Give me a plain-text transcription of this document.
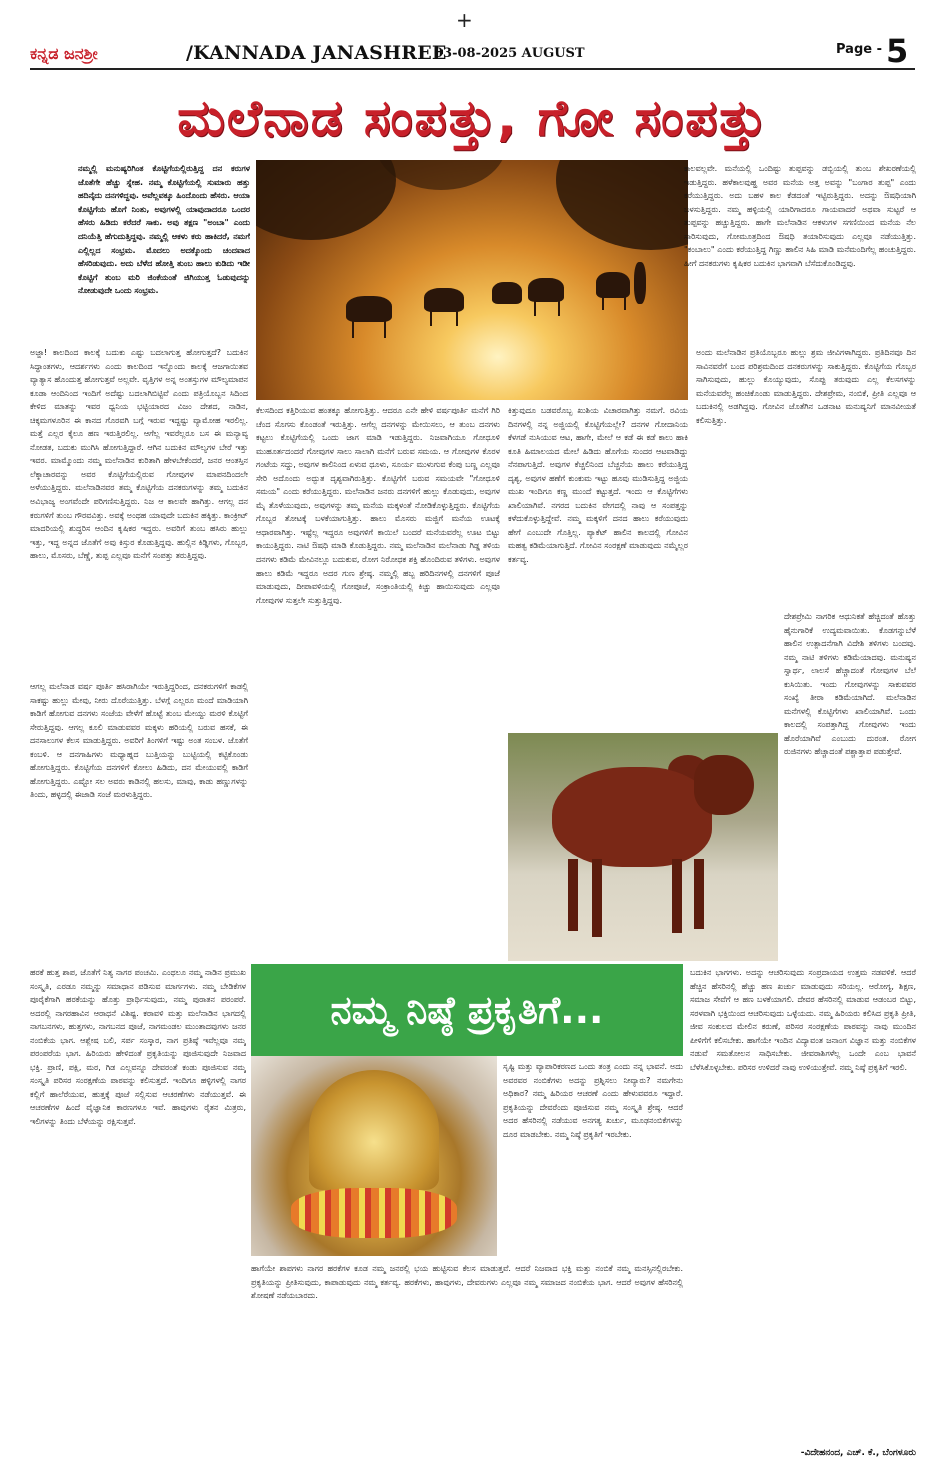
+
ಕನ್ನಡ ಜನಶ್ರೀ	/KANNADA JANASHREE
03-08-2025 AUGUST	Page - 5
ಮಲೆನಾಡ ಸಂಪತ್ತು, ಗೋ ಸಂಪತ್ತು
ನಮ್ಮಲ್ಲಿ ಮನುಷ್ಯರಿಗಿಂತ ಕೊಟ್ಟಿಗೆಯಲ್ಲಿರುತ್ತಿದ್ದ ದನ ಕರುಗಳ ಜೊತೆಗೇ ಹೆಚ್ಚು ಸ್ನೇಹ. ನಮ್ಮ ಕೊಟ್ಟಿಗೆಯಲ್ಲಿ ಸುಮಾರು ಹತ್ತು ಹದಿನೈದು ದನಗಳಿದ್ದವು. ಅವೆಲ್ಲವಕ್ಕೂ ಹಿಂದೊಂದು ಹೆಸರು. ಆಯಾ ಕೊಟ್ಟಿಗೆಯ ಹೊಗೆ ನಿಂತು, ಅವುಗಳಲ್ಲಿ ಯಾವುದಾದರೂ ಒಂದರ ಹೆಸರು ಹಿಡಿದು ಕರೆದರೆ ಸಾಕು. ಅವು ತಕ್ಷಣ "ಅಂಬಾ" ಎಂದು ದನಿಯೆತ್ತಿ ಹೆಗುದುತ್ತಿದ್ದವು. ನಮ್ಮಲ್ಲಿ ಆಕಳು ಕರು ಹಾಕಿದರೆ, ನಮಗೆ ಎಲ್ಲಿಲ್ಲದ ಸಂಭ್ರಮ. ಮೊದಲು ಅದಕ್ಕೊಂದು ಚಂದವಾದ ಹೆಸರಿಡುವುದು. ಅದು ಬೆಳೆದ ಹೋತ್ತಿ ತುಂಬ ಹಾಲು ಕುಡಿದು ಇಡೀ ಕೊಟ್ಟಿಗೆ ತುಂಬ ಮರಿ ಜಿಂಕೆಯಂತೆ ಜಿಗಿಯುತ್ತ ಓಡುವುದನ್ನು ನೋಡುವುದೇ ಒಂದು ಸಂಭ್ರಮ.

ಕಾಲವಲ್ಲವೇ. ಮನೆಯಲ್ಲಿ ಒಂದಿಷ್ಟು ತುಪ್ಪವನ್ನು ಡಬ್ಬಿಯಲ್ಲಿ ತುಂಬ ಶೇಖರಣೆಯಲ್ಲಿ ಇಡುತ್ತಿದ್ದರು. ಹಳೆಕಾಲವುಹ್ಹ ಅವರ ಮನೆಯ ಅತ್ತ ಅವನ್ನು "ಬಂಗಾರ ತುಪ್ಪ" ಎಂದು ಕರೆಯುತ್ತಿದ್ದರು. ಅದು ಬಹಳ ಕಾಲ ಕೆಡದಂತೆ ಇಟ್ಟಿರುತ್ತಿದ್ದರು. ಅದನ್ನು ಔಷಧಿಯಾಗಿ ಬಳಸುತ್ತಿದ್ದರು. ನಮ್ಮ ಹಳ್ಳಿಯಲ್ಲಿ ಯಾರಿಗಾದರೂ ಗಾಯವಾದರೆ ಅಥವಾ ಸುಟ್ಟರೆ ಆ ತುಪ್ಪವನ್ನು ಹಚ್ಚುತ್ತಿದ್ದರು. ಹಾಗೇ ಮಲೆನಾಡಿನ ಆಕಳುಗಳ ಸಗಣಿಯಿಂದ ಮನೆಯ ನೆಲ ಸಾರಿಸುವುದು, ಗೋಮೂತ್ರದಿಂದ ಔಷಧಿ ತಯಾರಿಸುವುದು ಎಲ್ಲವೂ ನಡೆಯುತ್ತಿತ್ತು. "ಕಂಬಾಲು" ಎಂದು ಕರೆಯುತ್ತಿದ್ದ ಗಿಣ್ಣು ಹಾಲಿನ ಸಿಹಿ ಮಾಡಿ ಮನೆಮಂದಿಗೆಲ್ಲ ಹಂಚುತ್ತಿದ್ದರು. ಹೀಗೆ ದನಕರುಗಳು ಕೃಷಿಕರ ಬದುಕಿನ ಭಾಗವಾಗಿ ಬೆಸೆದುಕೊಂಡಿದ್ದವು.

ಅಜ್ಜಾ! ಕಾಲದಿಂದ ಕಾಲಕ್ಕೆ ಬದುಕು ಎಷ್ಟು ಬದಲಾಗುತ್ತ ಹೋಗುತ್ತದೆ? ಬದುಕಿನ ಸಿದ್ಧಾಂತಗಳು, ಆದರ್ಶಗಳು ಎಂದು ಕಾಲದಿಂದ ಇನ್ನೊಂದು ಕಾಲಕ್ಕೆ ಆಜಗಾಯಿತವ ವ್ಯಾತ್ಯಾಸ ಹೊಂದುತ್ತ ಹೋಗುತ್ತವೆ ಅಲ್ಲವೇ. ವೃತ್ತಿಗಳ ಅನ್ನ ಅಂತಸ್ತುಗಳ ಮೌಲ್ಯಮಾಪನ ಕೂಡಾ ಆಂದಿನಿಂದ ಇಂದಿಗೆ ಅದೆಷ್ಟು ಬದಲಾಗಿಬಿಟ್ಟಿವೆ ಎಂದು ಪತ್ರಿಯೊಬ್ಬನ ಸಿದಿಂದ ಕೇಳಿದ ಮಾತನ್ನು ಇವರ ಧ್ವನಿಯ ಭಟ್ಟಿಯಾರದ ವಿಜಂ ದೇಶದ, ನಾಡಿನ, ಚಿಕ್ಕಮಗಳೂರಿನ ಈ ಕಾನದ ಗೊರವಗಿ ಬಗ್ಗೆ ಇರುವ ಇದ್ದಷ್ಟು ವ್ಯಾಮೋಹ ಇರಲಿಲ್ಲ. ಮತ್ತೆ ಎಲ್ಲರ ಕೈಲೂ ಹಣ ಇರುತ್ತಿರಲಿಲ್ಲ. ಆಗೆಲ್ಲ ಇವರೆಲ್ಲರೂ ಬಸ ಈ ಮನ್ಯಾವ್ಯ ನೋಡತ, ಬದುಕು ಮುಗಿಸಿ ಹೋಗುತ್ತಿದ್ದಾರೆ. ಆಗಿನ ಬದುಕಿನ ಮೌಲ್ಯಗಳ ಬೇರೆ ಇತ್ತು ಇವರ. ಮಾಮ್ಮೊಂದು ನಮ್ಮ ಮಲೆನಾಡಿನ ಕುರಿತಾಗಿ ಹೇಳಬೇಕೆಂದರೆ, ಜನರ ಆಂತಸ್ತಿನ ಲೆಕ್ಕಾಚಾರವನ್ನು ಅವರ ಕೊಟ್ಟಿಗೆಯಲ್ಲಿರುವ ಗೋವುಗಳ ಮಾಪನದಿಂದಲೇ ಅಳೆಯುತ್ತಿದ್ದರು. ಮಲೆನಾಡಿನವರ ತಮ್ಮ ಕೊಟ್ಟಿಗೆಯ ದನಕರುಗಳನ್ನು ತಮ್ಮ ಬದುಕಿನ ಅವಿಭಾಜ್ಯ ಅಂಗವೆಂದೇ ಪರಿಗಣಿಸುತ್ತಿದ್ದರು. ನಿಜ ಆ ಕಾಲವೇ ಹಾಗಿತ್ತು. ಆಗಲ್ಲ ದನ ಕರುಗಳಿಗೆ ತುಂಬ ಗೌರವವಿತ್ತು. ಅವಕ್ಕೆ ಅಂಥಹ ಯಾವುದೇ ಬದುಕಿನ ಹಕ್ಕಿತ್ತು. ಕಾಂಕ್ರೀಟ್ ಮಾದರಿಯಲ್ಲಿ ಶುದ್ಧರಿಸ ಆಂದಿನ ಕೃಷಿಕರ ಇದ್ದರು. ಅವರಿಗೆ ತುಂಬ ಹಸಿರು ಹುಲ್ಲು ಇತ್ತು, ಇದ್ದ ಅನ್ನದ ಜೊತೆಗೆ ಅವು ಕಿಸ್ತುರ ಕೊಡುತ್ತಿದ್ದವು. ಹುಲ್ಲಿನ ಕಿಡ್ಡಿಗಳು, ಗೊಬ್ಬರ, ಹಾಲು, ಮೊಸರು, ಬೆಣ್ಣೆ, ತುಪ್ಪ ಎಲ್ಲವೂ ಮನೆಗೆ ಸಂಪತ್ತು ತರುತ್ತಿದ್ದವು.

ಆಗಲ್ಲ ಮಲೆನಾಡ ವರ್ಷ ಪೂರ್ತಿ ಹಸಿರಾಗಿಯೇ ಇರುತ್ತಿದ್ದರಿಂದ, ದನಕರುಗಳಿಗೆ ಕಾಡಲ್ಲಿ ಸಾಕಷ್ಟು ಹುಲ್ಲು ಮೇವು, ನೀರು ದೊರೆಯುತ್ತಿತ್ತು. ಬೆಳಗ್ಗೆ ಎಲ್ಲರೂ ಮಂದೆ ಮಾಡಿಯಾಗಿ ಕಾಡಿಗೆ ಹೋಗುವ ದನಗಳು ಸಂಜೆಯ ವೇಳೆಗೆ ಹೊಟ್ಟೆ ತುಂಬ ಮೇಯ್ದು ಮರಳಿ ಕೊಟ್ಟಿಗೆ ಸೇರುತ್ತಿದ್ದವು. ಆಗಲ್ಲ ಕೂಲಿ ಮಾಡುವವರ ಮಕ್ಕಳು ಹರಿಯಲ್ಲಿ ಬರುವ ಹಸಕೆ, ಈ ದನಸಾಲುಗಳ ಕೆಲಸ ಮಾಡುತ್ತಿದ್ದರು. ಅವರಿಗೆ ತಿಂಗಳಿಗೆ ಇಷ್ಟು ಅಂತ ಸಂಬಳ. ಜೊತೆಗೆ ಕಂಬಳಿ. ಆ ದನಗಾಹಿಗಳು ಮಧ್ಯಾಹ್ನದ ಬುತ್ತಿಯನ್ನು ಬುಟ್ಟಿಯಲ್ಲಿ ಕಟ್ಟಿಕೊಂಡು ಹೋಗುತ್ತಿದ್ದರು. ಕೊಟ್ಟಿಗೆಯ ದನಗಳಿಗೆ ಕೋಲು ಹಿಡಿದು, ದನ ಮೇಯುವಲ್ಲಿ ಕಾಡಿಗೆ ಹೋಗುತ್ತಿದ್ದರು. ಎಷ್ಟೋ ಸಲ ಅವರು ಕಾಡಿನಲ್ಲಿ ಹಲಸು, ಮಾವು, ಕಾಡು ಹಣ್ಣುಗಳನ್ನು ತಿಂದು, ಹಳ್ಳದಲ್ಲಿ ಈಜಾಡಿ ಸಂಜೆ ಮರಳುತ್ತಿದ್ದರು.

ಕೆಲಸದಿಂದ ಕತ್ತಿರಿಯುವ ಹಂತಕ್ಕೂ ಹೋಗುತ್ತಿತ್ತು. ಆದರೂ ಎನೇ ಹೇಳಿ ವರ್ಷಪೂರ್ತಿ ಮನೆಗೆ ಗಿರಿ ಚೆಂದ ಸೊಗಸು ಕೊಂಡಂತೆ ಇರುತ್ತಿತ್ತು. ಆಗೆಲ್ಲ ದನಗಳನ್ನು ಮೇಯಿಸಲು, ಆ ತುಂಬ ದನಗಳು ಕಟ್ಟಲು ಕೊಟ್ಟಿಗೆಯಲ್ಲಿ ಒಂದು ಜಾಗ ಮಾಡಿ ಇಡುತ್ತಿದ್ದರು. ನಿಜವಾಗಿಯೂ ಗೋಧೂಳಿ ಮುಹೂರ್ತದಂದರೆ ಗೋವುಗಳ ಸಾಲು ಸಾಲಾಗಿ ಮನೆಗೆ ಬರುವ ಸಮಯ. ಆ ಗೋವುಗಳ ಕೊರಳ ಗಂಟೆಯ ಸದ್ದು, ಅವುಗಳ ಕಾಲಿನಿಂದ ಏಳುವ ಧೂಳು, ಸೂರ್ಯ ಮುಳುಗುವ ಕೆಂಪು ಬಣ್ಣ ಎಲ್ಲವೂ ಸೇರಿ ಅದೊಂದು ಅದ್ಭುತ ದೃಶ್ಯವಾಗಿರುತ್ತಿತ್ತು. ಕೊಟ್ಟಿಗೆಗೆ ಬರುವ ಸಮಯವೇ "ಗೋಧೂಳಿ ಸಮಯ" ಎಂದು ಕರೆಯುತ್ತಿದ್ದರು. ಮಲೆನಾಡಿನ ಜನರು ದನಗಳಿಗೆ ಹುಲ್ಲು ಕೊಡುವುದು, ಅವುಗಳ ಮೈ ತೊಳೆಯುವುದು, ಅವುಗಳನ್ನು ತಮ್ಮ ಮನೆಯ ಮಕ್ಕಳಂತೆ ನೋಡಿಕೊಳ್ಳುತ್ತಿದ್ದರು. ಕೊಟ್ಟಿಗೆಯ ಗೊಬ್ಬರ ತೋಟಕ್ಕೆ ಬಳಕೆಯಾಗುತ್ತಿತ್ತು. ಹಾಲು ಮೊಸರು ಮಜ್ಜಿಗೆ ಮನೆಯ ಊಟಕ್ಕೆ ಆಧಾರವಾಗಿತ್ತು. ಇಷ್ಟೆಲ್ಲ ಇದ್ದರೂ ಅವುಗಳಿಗೆ ಕಾಯಿಲೆ ಬಂದರೆ ಮನೆಯವರೆಲ್ಲ ಊಟ ಬಿಟ್ಟು ಕಾಯುತ್ತಿದ್ದರು. ನಾಟಿ ಔಷಧಿ ಮಾಡಿ ಕೊಡುತ್ತಿದ್ದರು. ನಮ್ಮ ಮಲೆನಾಡಿನ ಮಲೆನಾಡು ಗಿಡ್ಡ ತಳಿಯ ದನಗಳು ಕಡಿಮೆ ಮೇವಿನಲ್ಲೂ ಬದುಕುವ, ರೋಗ ನಿರೋಧಕ ಶಕ್ತಿ ಹೊಂದಿರುವ ತಳಿಗಳು. ಅವುಗಳ ಹಾಲು ಕಡಿಮೆ ಇದ್ದರೂ ಅದರ ಗುಣ ಶ್ರೇಷ್ಠ. ನಮ್ಮಲ್ಲಿ ಹಬ್ಬ ಹರಿದಿನಗಳಲ್ಲಿ ದನಗಳಿಗೆ ಪೂಜೆ ಮಾಡುವುದು, ದೀಪಾವಳಿಯಲ್ಲಿ ಗೋಪೂಜೆ, ಸಂಕ್ರಾಂತಿಯಲ್ಲಿ ಕಿಚ್ಚು ಹಾಯಿಸುವುದು ಎಲ್ಲವೂ ಗೋವುಗಳ ಸುತ್ತಲೇ ಸುತ್ತುತ್ತಿದ್ದವು.

ಕಿತ್ತುವುದೂ ಬಡವರೊಬ್ಬ ಖುಶಿಯ ವಿಚಾರವಾಗಿತ್ತು ನಮಗೆ. ರವಿಯ ದಿನಗಳಲ್ಲಿ ನನ್ನ ಅಜ್ಜಿಯಲ್ಲಿ ಕೊಟ್ಟಿಗೆಯಲ್ಲೇ? ದನಗಳ ಗೋದಾನಿಯ ಕೆಳಗಡೆ ನುಸಿಯುವ ಆಟ, ಹಾಗೇ, ಮೇಲೆ ಆ ಕಡೆ ಈ ಕಡೆ ಕಾಲು ಹಾಕಿ ಕೂತಿ ಹಿಮಾಲಯದ ಮೇಲೆ ಹಿಡಿದು ಹೊಗೆಯ ಸುಂದರ ಆಟವಾಡಿದ್ದು ನೆನಪಾಗುತ್ತಿದೆ. ಅವುಗಳ ಕೆಚ್ಚಲಿನಿಂದ ಬೆಚ್ಚನೆಯ ಹಾಲು ಕರೆಯುತ್ತಿದ್ದ ದೃಶ್ಯ, ಅವುಗಳ ಹಣೆಗೆ ಕುಂಕುಮ ಇಟ್ಟು ಹೂವು ಮುಡಿಸುತ್ತಿದ್ದ ಅಜ್ಜಿಯ ಮುಖ ಇಂದಿಗೂ ಕಣ್ಣ ಮುಂದೆ ಕಟ್ಟುತ್ತದೆ. ಇಂದು ಆ ಕೊಟ್ಟಿಗೆಗಳು ಖಾಲಿಯಾಗಿವೆ. ನಗರದ ಬದುಕಿನ ವೇಗದಲ್ಲಿ ನಾವು ಆ ಸಂಪತ್ತನ್ನು ಕಳೆದುಕೊಳ್ಳುತ್ತಿದ್ದೇವೆ. ನಮ್ಮ ಮಕ್ಕಳಿಗೆ ದನದ ಹಾಲು ಕರೆಯುವುದು ಹೇಗೆ ಎಂಬುದೇ ಗೊತ್ತಿಲ್ಲ. ಪ್ಯಾಕೆಟ್ ಹಾಲಿನ ಕಾಲದಲ್ಲಿ ಗೋವಿನ ಮಹತ್ವ ಕಡಿಮೆಯಾಗುತ್ತಿದೆ. ಗೋವಿನ ಸಂರಕ್ಷಣೆ ಮಾಡುವುದು ನಮ್ಮೆಲ್ಲರ ಕರ್ತವ್ಯ.

ಅಂದು ಮಲೆನಾಡಿನ ಪ್ರತಿಯೊಬ್ಬರೂ ಹುಲ್ಲು ಶ್ರಮ ಜೀವಿಗಳಾಗಿದ್ದರು. ಪ್ರತಿದಿನವೂ ದಿನ ಸಾವಿನವರೆಗೆ ಬಂದ ಪರಿಶ್ರಮದಿಂದ ದನಕರುಗಳನ್ನು ಸಾಕುತ್ತಿದ್ದರು. ಕೊಟ್ಟಿಗೆಯ ಗೊಬ್ಬರ ಸಾಗಿಸುವುದು, ಹುಲ್ಲು ಕೊಯ್ಯುವುದು, ಸೊಪ್ಪು ತರುವುದು ಎಲ್ಲ ಕೆಲಸಗಳನ್ನು ಮನೆಯವರೆಲ್ಲ ಹಂಚಿಕೊಂಡು ಮಾಡುತ್ತಿದ್ದರು. ದೇಶಪ್ರೇಮ, ನಂಬಿಕೆ, ಪ್ರೀತಿ ಎಲ್ಲವೂ ಆ ಬದುಕಿನಲ್ಲಿ ಅಡಗಿದ್ದವು. ಗೋವಿನ ಜೊತೆಗಿನ ಒಡನಾಟ ಮನುಷ್ಯನಿಗೆ ಮಾನವೀಯತೆ ಕಲಿಸುತ್ತಿತ್ತು.

ದೇಶಪ್ರೇಮಿ ನಾಗರಿಕ ಆಧುನಿಕತೆ ಹೆಚ್ಚಿದಂತೆ ಹೊತ್ತು ಹೈನುಗಾರಿಕೆ ಉದ್ಯಮವಾಯಿತು. ಕೊಡಗನ್ನುಬೆಳೆ ಹಾಲಿನ ಉತ್ಪಾದನೆಗಾಗಿ ವಿದೇಶಿ ತಳಿಗಳು ಬಂದವು. ನಮ್ಮ ನಾಟಿ ತಳಿಗಳು ಕಡಿಮೆಯಾದವು. ಮನುಷ್ಯನ ಸ್ವಾರ್ಥ, ಲಾಲಸೆ ಹೆಚ್ಚಾದಂತೆ ಗೋವುಗಳ ಬೆಲೆ ಕುಸಿಯಿತು. ಇಂದು ಗೋವುಗಳನ್ನು ಸಾಕುವವರ ಸಂಖ್ಯೆ ತೀರಾ ಕಡಿಮೆಯಾಗಿದೆ. ಮಲೆನಾಡಿನ ಮನೆಗಳಲ್ಲಿ ಕೊಟ್ಟಿಗೆಗಳು ಖಾಲಿಯಾಗಿವೆ. ಒಂದು ಕಾಲದಲ್ಲಿ ಸಂಪತ್ತಾಗಿದ್ದ ಗೋವುಗಳು ಇಂದು ಹೊರೆಯಾಗಿವೆ ಎಂಬುದು ದುರಂತ. ರೋಗ ರುಜಿನಗಳು ಹೆಚ್ಚಾದಂತೆ ಪಶ್ಚಾತ್ತಾಪ ಪಡುತ್ತೇವೆ.

ಹರಕೆ ಹುತ್ತ ಶಾಪ, ಜೊತೆಗೆ ನಿತ್ಯ ನಾಗರ ಪಂಚಮಿ. ಎಂಥಲೂ ನಮ್ಮ ನಾಡಿನ ಪ್ರಮುಖ ಸಂಸ್ಕೃತಿ, ಎರಡೂ ನಮ್ಮನ್ನು ಸಮಾಧಾನ ಪಡಿಸುವ ಮಾರ್ಗಗಳು. ನಮ್ಮ ಬೇಡಿಕೆಗಳ ಪೂರೈಕೆಗಾಗಿ ಹರಕೆಯನ್ನು ಹೊತ್ತು ಪ್ರಾರ್ಥಿಸುವುದು, ನಮ್ಮ ಪುರಾತನ ಪರಂಪರೆ. ಅದರಲ್ಲಿ ನಾಗರಹಾವಿನ ಆರಾಧನೆ ವಿಶಿಷ್ಟ. ಕರಾವಳಿ ಮತ್ತು ಮಲೆನಾಡಿನ ಭಾಗದಲ್ಲಿ ನಾಗಬನಗಳು, ಹುತ್ತಗಳು, ನಾಗಬನದ ಪೂಜೆ, ನಾಗಮಂಡಲ ಮುಂತಾದವುಗಳು ಜನರ ನಂಬಿಕೆಯ ಭಾಗ. ಆಶ್ಲೇಷ ಬಲಿ, ಸರ್ಪ ಸಂಸ್ಕಾರ, ನಾಗ ಪ್ರತಿಷ್ಠೆ ಇವೆಲ್ಲವೂ ನಮ್ಮ ಪರಂಪರೆಯ ಭಾಗ. ಹಿರಿಯರು ಹೇಳಿದಂತೆ ಪ್ರಕೃತಿಯನ್ನು ಪೂಜಿಸುವುದೇ ನಿಜವಾದ ಭಕ್ತಿ. ಪ್ರಾಣಿ, ಪಕ್ಷಿ, ಮರ, ಗಿಡ ಎಲ್ಲವನ್ನೂ ದೇವರಂತೆ ಕಂಡು ಪೂಜಿಸುವ ನಮ್ಮ ಸಂಸ್ಕೃತಿ ಪರಿಸರ ಸಂರಕ್ಷಣೆಯ ಪಾಠವನ್ನು ಕಲಿಸುತ್ತದೆ. ಇಂದಿಗೂ ಹಳ್ಳಿಗಳಲ್ಲಿ ನಾಗರ ಕಲ್ಲಿಗೆ ಹಾಲೆರೆಯುವ, ಹುತ್ತಕ್ಕೆ ಪೂಜೆ ಸಲ್ಲಿಸುವ ಆಚರಣೆಗಳು ನಡೆಯುತ್ತವೆ. ಈ ಆಚರಣೆಗಳ ಹಿಂದೆ ವೈಜ್ಞಾನಿಕ ಕಾರಣಗಳೂ ಇವೆ. ಹಾವುಗಳು ರೈತನ ಮಿತ್ರರು, ಇಲಿಗಳನ್ನು ತಿಂದು ಬೆಳೆಯನ್ನು ರಕ್ಷಿಸುತ್ತವೆ.

ನಮ್ಮ ನಿಷ್ಠೆ ಪ್ರಕೃತಿಗೆ...

ಸೃಷ್ಟಿ ಮತ್ತು ವ್ಯಾಪಾರಿಕರಣದ ಒಂದು ತಂತ್ರ ಎಂದು ನನ್ನ ಭಾವನೆ. ಅದು ಅವರವರ ನಂಬಿಕೆಗಳು ಅದನ್ನು ಪ್ರಶ್ನಿಸಲು ನೀವ್ಯಾರು? ನಮಗೇನು ಅಧಿಕಾರ? ನಮ್ಮ ಹಿರಿಯರ ಆಚರಣೆ ಎಂದು ಹೇಳುವವರೂ ಇದ್ದಾರೆ. ಪ್ರಕೃತಿಯನ್ನು ದೇವರೆಂದು ಪೂಜಿಸುವ ನಮ್ಮ ಸಂಸ್ಕೃತಿ ಶ್ರೇಷ್ಠ. ಆದರೆ ಅದರ ಹೆಸರಿನಲ್ಲಿ ನಡೆಯುವ ಅನಗತ್ಯ ಖರ್ಚು, ಮೂಢನಂಬಿಕೆಗಳನ್ನು ದೂರ ಮಾಡಬೇಕು. ನಮ್ಮ ನಿಷ್ಠೆ ಪ್ರಕೃತಿಗೆ ಇರಬೇಕು.

ಹಾಗೆಯೇ ಶಾಪಗಳು ನಾಗರ ಹರಕೆಗಳ ಕೂಡ ನಮ್ಮ ಜನರಲ್ಲಿ ಭಯ ಹುಟ್ಟಿಸುವ ಕೆಲಸ ಮಾಡುತ್ತವೆ. ಆದರೆ ನಿಜವಾದ ಭಕ್ತಿ ಮತ್ತು ನಂಬಿಕೆ ನಮ್ಮ ಮನಸ್ಸಿನಲ್ಲಿರಬೇಕು. ಪ್ರಕೃತಿಯನ್ನು ಪ್ರೀತಿಸುವುದು, ಕಾಪಾಡುವುದು ನಮ್ಮ ಕರ್ತವ್ಯ. ಹರಕೆಗಳು, ಹಾವುಗಳು, ದೇವರುಗಳು ಎಲ್ಲವೂ ನಮ್ಮ ಸಮಾಜದ ನಂಬಿಕೆಯ ಭಾಗ. ಆದರೆ ಅವುಗಳ ಹೆಸರಿನಲ್ಲಿ ಶೋಷಣೆ ನಡೆಯಬಾರದು.

ಬದುಕಿನ ಭಾಗಗಳು. ಅದನ್ನು ಆಚರಿಸುವುದು ಸಂಪ್ರದಾಯದ ಉತ್ತಮ ನಡವಳಿಕೆ. ಆದರೆ ಹೆಚ್ಚಿನ ಹೆಸರಿನಲ್ಲಿ ಹೆಚ್ಚು ಹಣ ಖರ್ಚು ಮಾಡುವುದು ಸರಿಯಲ್ಲ. ಆರೋಗ್ಯ, ಶಿಕ್ಷಣ, ಸಮಾಜ ಸೇವೆಗೆ ಆ ಹಣ ಬಳಕೆಯಾಗಲಿ. ದೇವರ ಹೆಸರಿನಲ್ಲಿ ಮಾಡುವ ಆಡಂಬರ ಬಿಟ್ಟು, ಸರಳವಾಗಿ ಭಕ್ತಿಯಿಂದ ಆಚರಿಸುವುದು ಒಳ್ಳೆಯದು. ನಮ್ಮ ಹಿರಿಯರು ಕಲಿಸಿದ ಪ್ರಕೃತಿ ಪ್ರೀತಿ, ಜೀವ ಸಂಕುಲದ ಮೇಲಿನ ಕರುಣೆ, ಪರಿಸರ ಸಂರಕ್ಷಣೆಯ ಪಾಠವನ್ನು ನಾವು ಮುಂದಿನ ಪೀಳಿಗೆಗೆ ಕಲಿಸಬೇಕು. ಹಾಗೆಯೇ ಇಂದಿನ ವಿದ್ಯಾವಂತ ಜನಾಂಗ ವಿಜ್ಞಾನ ಮತ್ತು ನಂಬಿಕೆಗಳ ನಡುವೆ ಸಮತೋಲನ ಸಾಧಿಸಬೇಕು. ಜೀವರಾಶಿಗಳೆಲ್ಲ ಒಂದೇ ಎಂಬ ಭಾವನೆ ಬೆಳೆಸಿಕೊಳ್ಳಬೇಕು. ಪರಿಸರ ಉಳಿದರೆ ನಾವು ಉಳಿಯುತ್ತೇವೆ. ನಮ್ಮ ನಿಷ್ಠೆ ಪ್ರಕೃತಿಗೆ ಇರಲಿ.

-ವಿದೇಹನಂದ, ಎಚ್. ಕೆ., ಬೆಂಗಳೂರು
